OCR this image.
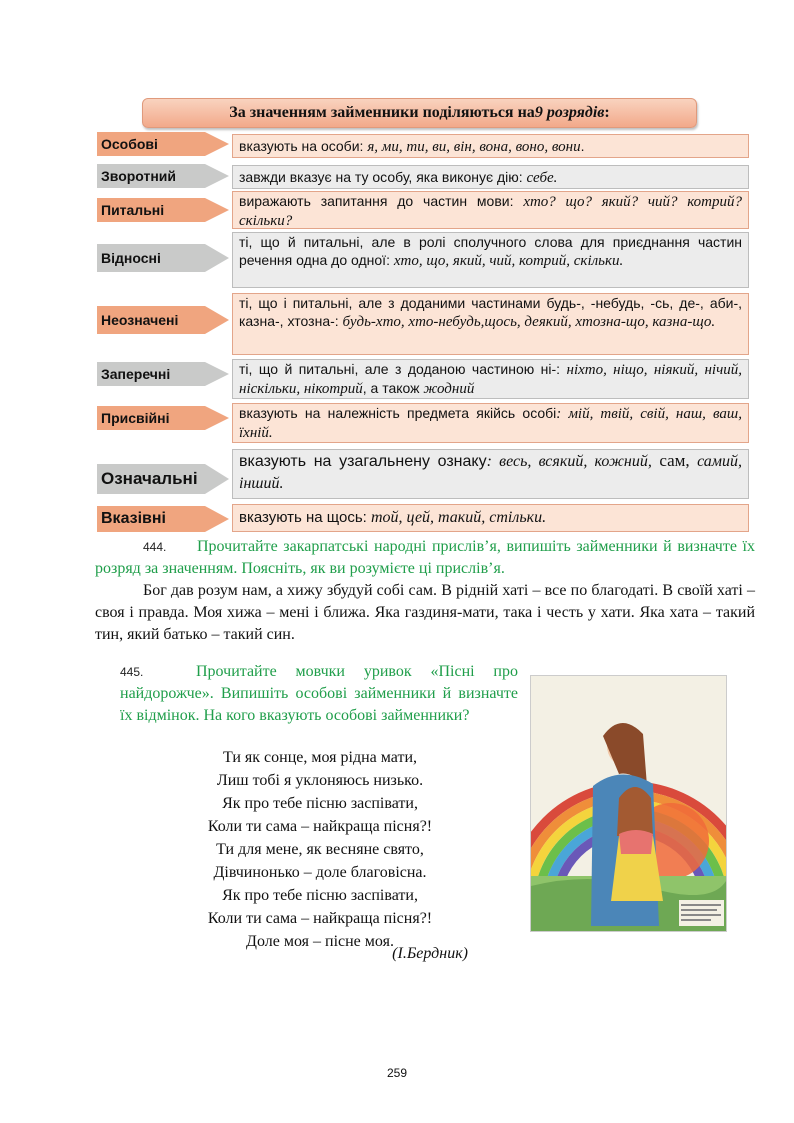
За значенням займенники поділяються на 9 розрядів :
Особові
Зворотний
Питальні
Відносні
Неозначені
Заперечні
Присвійні
Означальні
Вказівні
вказують на особи: я, ми, ти, ви, він, вона, воно, вони.
завжди вказує на ту особу, яка виконує дію: себе.
виражають запитання до частин мови: хто? що? який? чий? котрий? скільки?
ті, що й питальні, але в ролі сполучного слова для приєднання частин речення одна до одної: хто, що, який, чий, котрий, скільки.
ті, що і питальні, але з доданими частинами будь-, -небудь, -сь, де-, аби-, казна-, хтозна-: будь-хто, хто-небудь,щось, деякий, хтозна-що, казна-що.
ті, що й питальні, але з доданою частиною ні-: ніхто, ніщо, ніякий, нічий, ніскільки, нікотрий, а також жодний
вказують на належність предмета якійсь особі: мій, твій, свій, наш, ваш, їхній.
вказують на узагальнену ознаку: весь, всякий, кожний, сам, самий, інший.
вказують на щось: той, цей, такий, стільки.
444. Прочитайте закарпатські народні прислів’я, випишіть займенники й визначте їх розряд за значенням. Поясніть, як ви розумієте ці прислів’я.
Бог дав розум нам, а хижу збудуй собі сам. В рідній хаті – все по благодаті. В своїй хаті – своя і правда. Моя хижа – мені і ближа. Яка газдиня-мати, така і честь у хати. Яка хата – такий тин, який батько – такий син.
445.	Прочитайте мовчки уривок «Пісні про найдорожче». Випишіть особові займенники й визначте їх відмінок. На кого вказують особові займенники?
Ти як сонце, моя рідна мати,
Лиш тобі я уклоняюсь низько.
Як про тебе пісню заспівати,
Коли ти сама – найкраща пісня?!
Ти для мене, як весняне свято,
Дівчинонько – доле благовісна.
Як про тебе пісню заспівати,
Коли ти сама – найкраща пісня?!
Доле моя – пісне моя.
(І.Бердник)
259
